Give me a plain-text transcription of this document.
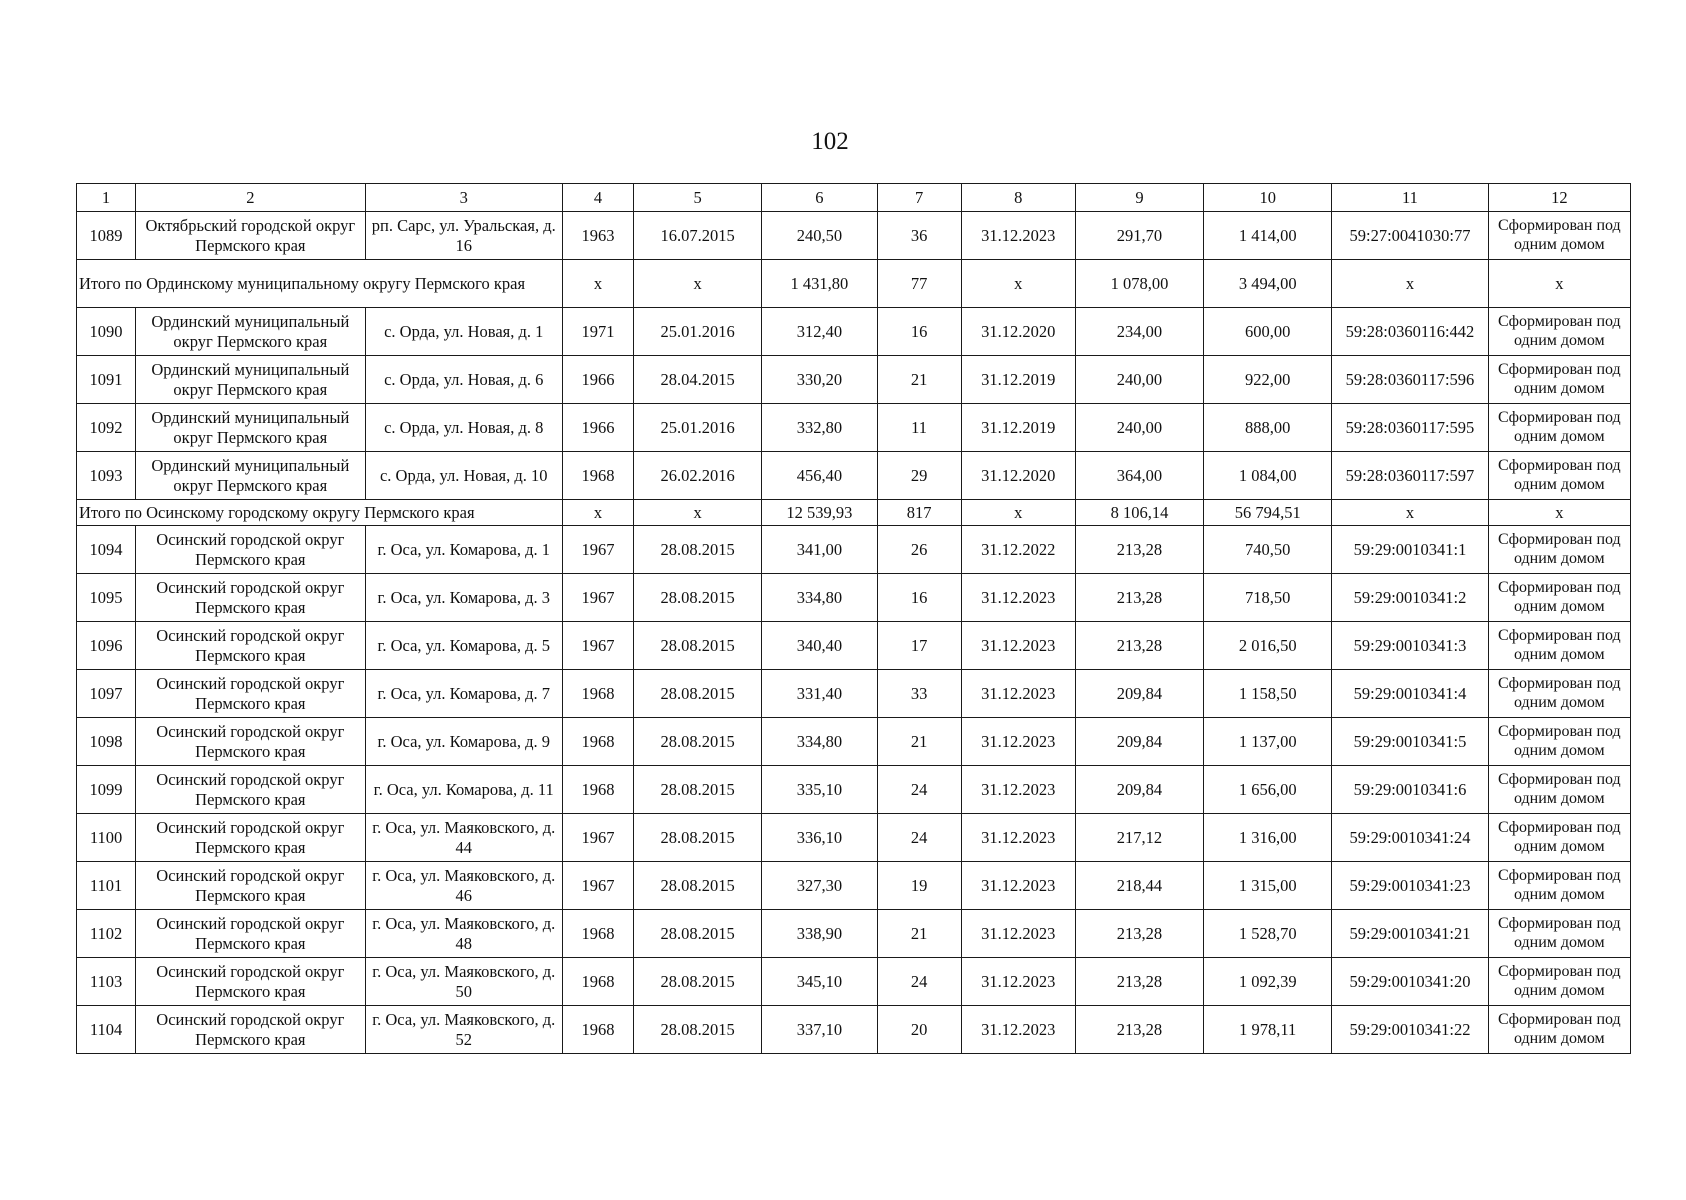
102
1	2	3	4	5	6	7	8	9	10	11	12
1089	Октябрьский городской округ Пермского края	рп. Сарс, ул. Уральская, д. 16	1963	16.07.2015	240,50	36	31.12.2023	291,70	1 414,00	59:27:0041030:77	Сформирован под одним домом
Итого по Ординскому муниципальному округу Пермского края			x	x	1 431,80	77	x	1 078,00	3 494,00	x	x
1090	Ординский муниципальный округ Пермского края	с. Орда, ул. Новая, д. 1	1971	25.01.2016	312,40	16	31.12.2020	234,00	600,00	59:28:0360116:442	Сформирован под одним домом
1091	Ординский муниципальный округ Пермского края	с. Орда, ул. Новая, д. 6	1966	28.04.2015	330,20	21	31.12.2019	240,00	922,00	59:28:0360117:596	Сформирован под одним домом
1092	Ординский муниципальный округ Пермского края	с. Орда, ул. Новая, д. 8	1966	25.01.2016	332,80	11	31.12.2019	240,00	888,00	59:28:0360117:595	Сформирован под одним домом
1093	Ординский муниципальный округ Пермского края	с. Орда, ул. Новая, д. 10	1968	26.02.2016	456,40	29	31.12.2020	364,00	1 084,00	59:28:0360117:597	Сформирован под одним домом
Итого по Осинскому городскому округу Пермского края			x	x	12 539,93	817	x	8 106,14	56 794,51	x	x
1094	Осинский городской округ Пермского края	г. Оса, ул. Комарова, д. 1	1967	28.08.2015	341,00	26	31.12.2022	213,28	740,50	59:29:0010341:1	Сформирован под одним домом
1095	Осинский городской округ Пермского края	г. Оса, ул. Комарова, д. 3	1967	28.08.2015	334,80	16	31.12.2023	213,28	718,50	59:29:0010341:2	Сформирован под одним домом
1096	Осинский городской округ Пермского края	г. Оса, ул. Комарова, д. 5	1967	28.08.2015	340,40	17	31.12.2023	213,28	2 016,50	59:29:0010341:3	Сформирован под одним домом
1097	Осинский городской округ Пермского края	г. Оса, ул. Комарова, д. 7	1968	28.08.2015	331,40	33	31.12.2023	209,84	1 158,50	59:29:0010341:4	Сформирован под одним домом
1098	Осинский городской округ Пермского края	г. Оса, ул. Комарова, д. 9	1968	28.08.2015	334,80	21	31.12.2023	209,84	1 137,00	59:29:0010341:5	Сформирован под одним домом
1099	Осинский городской округ Пермского края	г. Оса, ул. Комарова, д. 11	1968	28.08.2015	335,10	24	31.12.2023	209,84	1 656,00	59:29:0010341:6	Сформирован под одним домом
1100	Осинский городской округ Пермского края	г. Оса, ул. Маяковского, д. 44	1967	28.08.2015	336,10	24	31.12.2023	217,12	1 316,00	59:29:0010341:24	Сформирован под одним домом
1101	Осинский городской округ Пермского края	г. Оса, ул. Маяковского, д. 46	1967	28.08.2015	327,30	19	31.12.2023	218,44	1 315,00	59:29:0010341:23	Сформирован под одним домом
1102	Осинский городской округ Пермского края	г. Оса, ул. Маяковского, д. 48	1968	28.08.2015	338,90	21	31.12.2023	213,28	1 528,70	59:29:0010341:21	Сформирован под одним домом
1103	Осинский городской округ Пермского края	г. Оса, ул. Маяковского, д. 50	1968	28.08.2015	345,10	24	31.12.2023	213,28	1 092,39	59:29:0010341:20	Сформирован под одним домом
1104	Осинский городской округ Пермского края	г. Оса, ул. Маяковского, д. 52	1968	28.08.2015	337,10	20	31.12.2023	213,28	1 978,11	59:29:0010341:22	Сформирован под одним домом
